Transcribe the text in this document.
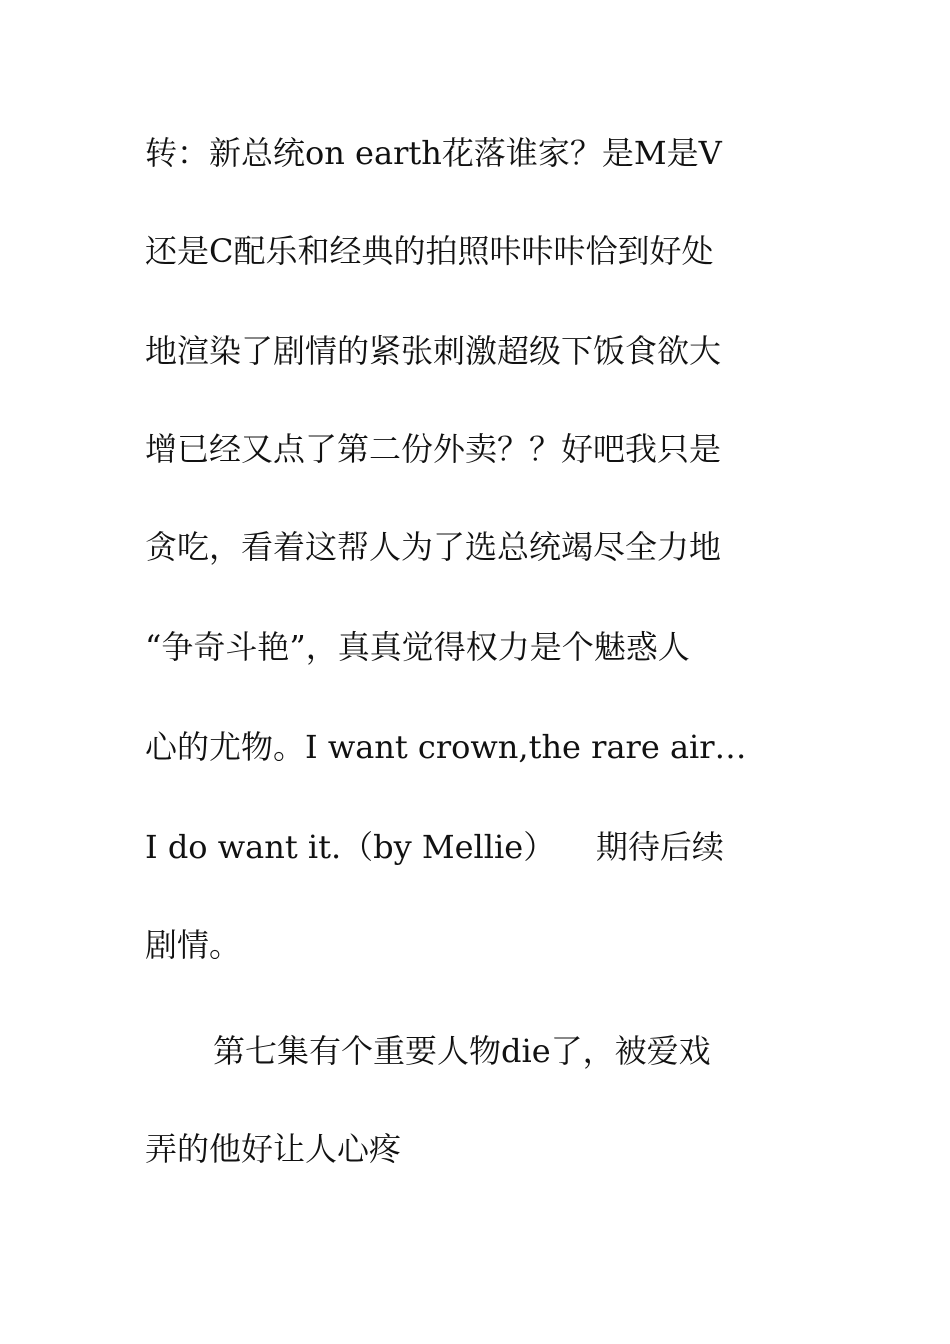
转：新总统on earth花落谁家？是M是V
还是C配乐和经典的拍照咔咔咔恰到好处
地渲染了剧情的紧张刺激超级下饭食欲大
增已经又点了第二份外卖？？好吧我只是
贪吃，看着这帮人为了选总统竭尽全力地
“争奇斗艳”，真真觉得权力是个魅惑人
心的尤物。I want crown,the rare air…
I do want it.（by Mellie）    期待后续
剧情。
第七集有个重要人物die了，被爱戏
弄的他好让人心疼
